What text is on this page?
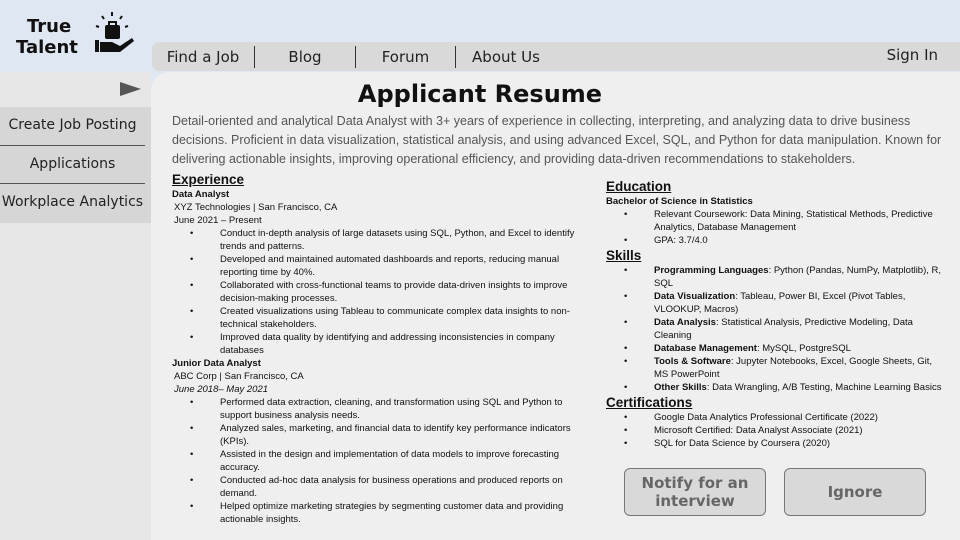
True
Talent	Find a Job	Blog	Forum	About Us	Sign In
Create Job Posting
Applications
Workplace Analytics
Applicant Resume
Detail-oriented and analytical Data Analyst with 3+ years of experience in collecting, interpreting, and analyzing data to drive business decisions. Proficient in data visualization, statistical analysis, and using advanced Excel, SQL, and Python for data manipulation. Known for delivering actionable insights, improving operational efficiency, and providing data-driven recommendations to stakeholders.
Experience
Data Analyst
XYZ Technologies | San Francisco, CA
June 2021 – Present
• Conduct in-depth analysis of large datasets using SQL, Python, and Excel to identify trends and patterns.
• Developed and maintained automated dashboards and reports, reducing manual reporting time by 40%.
• Collaborated with cross-functional teams to provide data-driven insights to improve decision-making processes.
• Created visualizations using Tableau to communicate complex data insights to non-technical stakeholders.
• Improved data quality by identifying and addressing inconsistencies in company databases
Junior Data Analyst
ABC Corp | San Francisco, CA
June 2018– May 2021
• Performed data extraction, cleaning, and transformation using SQL and Python to support business analysis needs.
• Analyzed sales, marketing, and financial data to identify key performance indicators (KPIs).
• Assisted in the design and implementation of data models to improve forecasting accuracy.
• Conducted ad-hoc data analysis for business operations and produced reports on demand.
• Helped optimize marketing strategies by segmenting customer data and providing actionable insights.
Education
Bachelor of Science in Statistics
• Relevant Coursework: Data Mining, Statistical Methods, Predictive Analytics, Database Management
• GPA: 3.7/4.0
Skills
• Programming Languages: Python (Pandas, NumPy, Matplotlib), R, SQL
• Data Visualization: Tableau, Power BI, Excel (Pivot Tables, VLOOKUP, Macros)
• Data Analysis: Statistical Analysis, Predictive Modeling, Data Cleaning
• Database Management: MySQL, PostgreSQL
• Tools & Software: Jupyter Notebooks, Excel, Google Sheets, Git, MS PowerPoint
• Other Skills: Data Wrangling, A/B Testing, Machine Learning Basics
Certifications
• Google Data Analytics Professional Certificate (2022)
• Microsoft Certified: Data Analyst Associate (2021)
• SQL for Data Science by Coursera (2020)
Notify for an interview	Ignore
